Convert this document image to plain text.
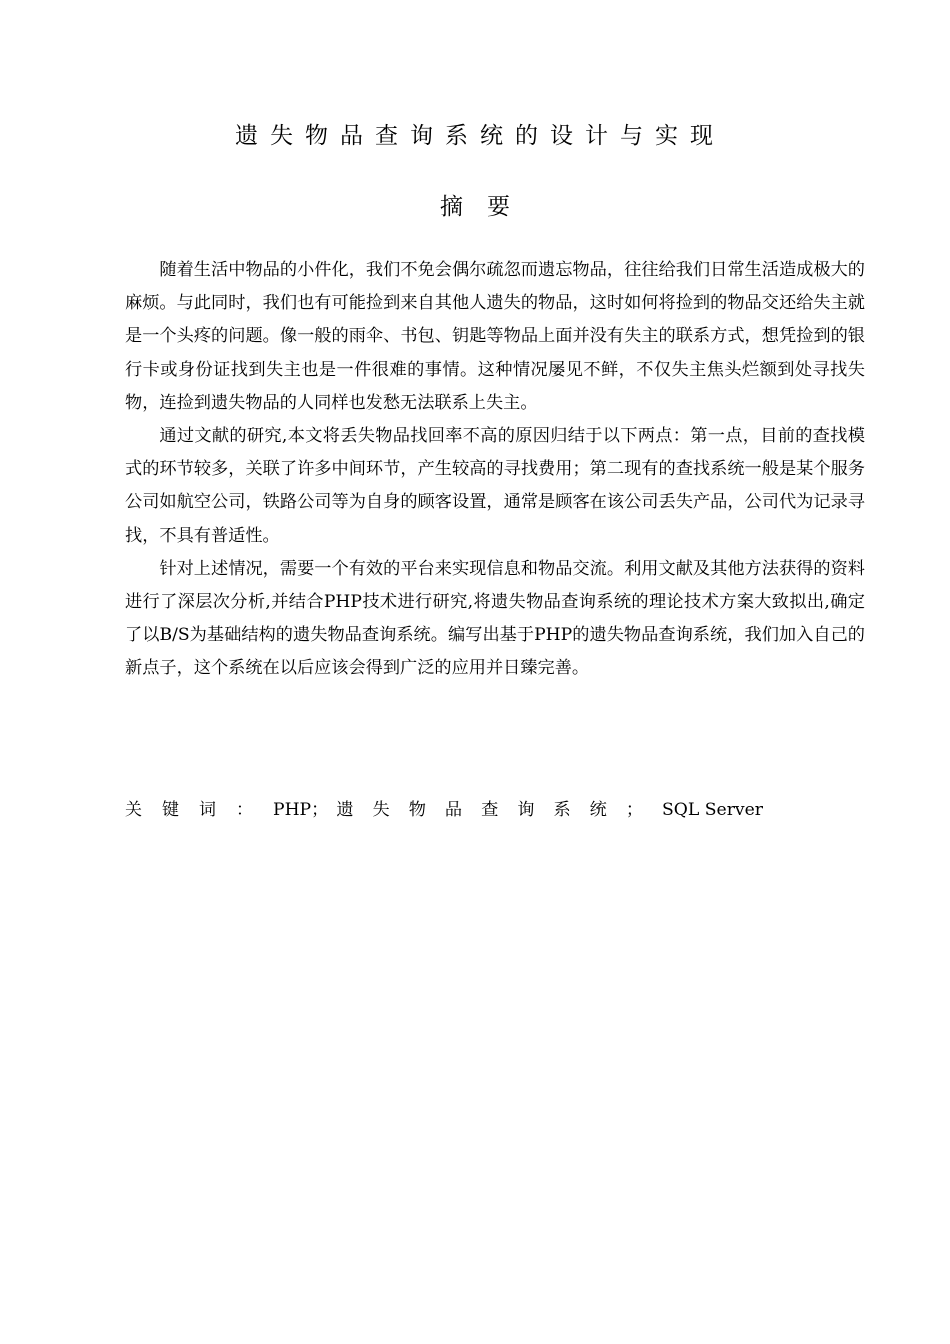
遗失物品查询系统的设计与实现
摘要

随着生活中物品的小件化，我们不免会偶尔疏忽而遗忘物品，往往给我们日常生活造成极大的麻烦。与此同时，我们也有可能捡到来自其他人遗失的物品，这时如何将捡到的物品交还给失主就是一个头疼的问题。像一般的雨伞、书包、钥匙等物品上面并没有失主的联系方式，想凭捡到的银行卡或身份证找到失主也是一件很难的事情。这种情况屡见不鲜，不仅失主焦头烂额到处寻找失物，连捡到遗失物品的人同样也发愁无法联系上失主。

通过文献的研究,本文将丢失物品找回率不高的原因归结于以下两点：第一点，目前的查找模式的环节较多，关联了许多中间环节，产生较高的寻找费用；第二现有的查找系统一般是某个服务公司如航空公司，铁路公司等为自身的顾客设置，通常是顾客在该公司丢失产品，公司代为记录寻找，不具有普适性。

针对上述情况，需要一个有效的平台来实现信息和物品交流。利用文献及其他方法获得的资料进行了深层次分析,并结合PHP技术进行研究,将遗失物品查询系统的理论技术方案大致拟出,确定了以B/S为基础结构的遗失物品查询系统。编写出基于PHP的遗失物品查询系统，我们加入自己的新点子，这个系统在以后应该会得到广泛的应用并日臻完善。

关键词：PHP； 遗失物品查询系统；SQL Server
